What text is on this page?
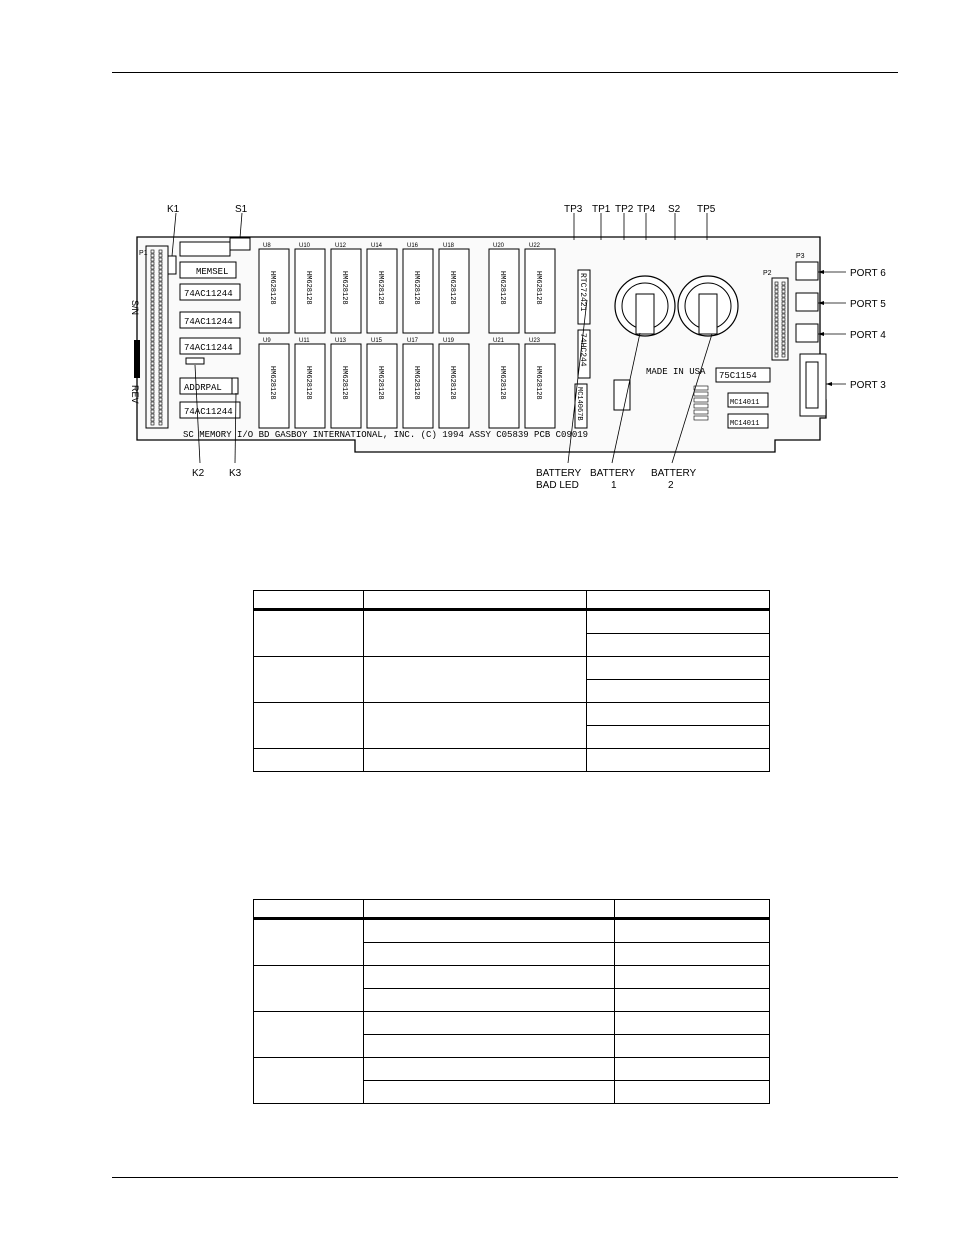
P1
S/N
REV
MEMSEL
74AC11244
74AC11244
74AC11244
ADDRPAL
74AC11244
U8
HM628128
U10
HM628128
U12
HM628128
U14
HM628128
U16
HM628128
U18
HM628128
U20
HM628128
U22
HM628128
U9
HM628128
U11
HM628128
U13
HM628128
U15
HM628128
U17
HM628128
U19
HM628128
U21
HM628128
U23
HM628128
RTC72421
74HC244
MC14067B
MADE IN USA 75C1154
MC14011
MC14011
P2
P3
SC MEMORY I/O BD GASBOY INTERNATIONAL, INC. (C) 1994 ASSY C05839 PCB C09019
K1	S1	TP3 TP1 TP2 TP4 S2 TP5
K2 K3
PORT 6
PORT 5
PORT 4
PORT 3
BATTERY
BAD LED
BATTERY
1
BATTERY
2
